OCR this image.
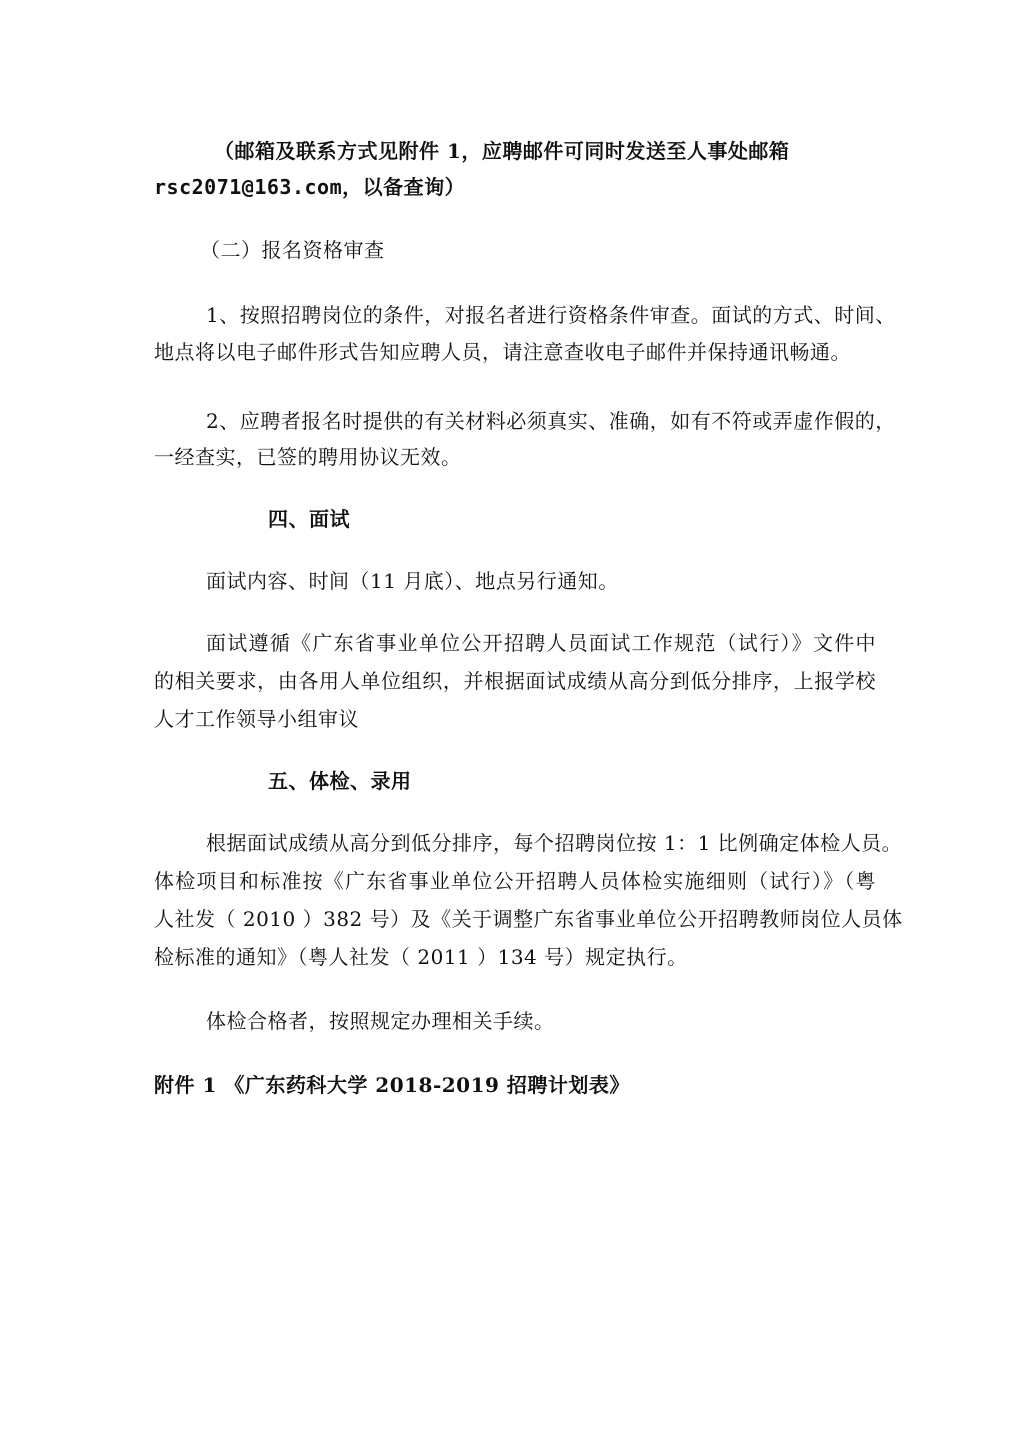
（邮箱及联系方式见附件 1，应聘邮件可同时发送至人事处邮箱
rsc2071@163.com，以备查询）
（二）报名资格审查
1、按照招聘岗位的条件，对报名者进行资格条件审查。面试的方式、时间、
地点将以电子邮件形式告知应聘人员，请注意查收电子邮件并保持通讯畅通。
2、应聘者报名时提供的有关材料必须真实、准确，如有不符或弄虚作假的，
一经查实，已签的聘用协议无效。
四、面试
面试内容、时间（11 月底）、地点另行通知。
面试遵循《广东省事业单位公开招聘人员面试工作规范（试行）》文件中
的相关要求，由各用人单位组织，并根据面试成绩从高分到低分排序，上报学校
人才工作领导小组审议
五、体检、录用
根据面试成绩从高分到低分排序，每个招聘岗位按 1：1 比例确定体检人员。
体检项目和标准按《广东省事业单位公开招聘人员体检实施细则（试行）》（粤
人社发（ 2010 ）382 号）及《关于调整广东省事业单位公开招聘教师岗位人员体
检标准的通知》（粤人社发（ 2011 ）134 号）规定执行。
体检合格者，按照规定办理相关手续。
附件 1 《广东药科大学 2018-2019 招聘计划表》
